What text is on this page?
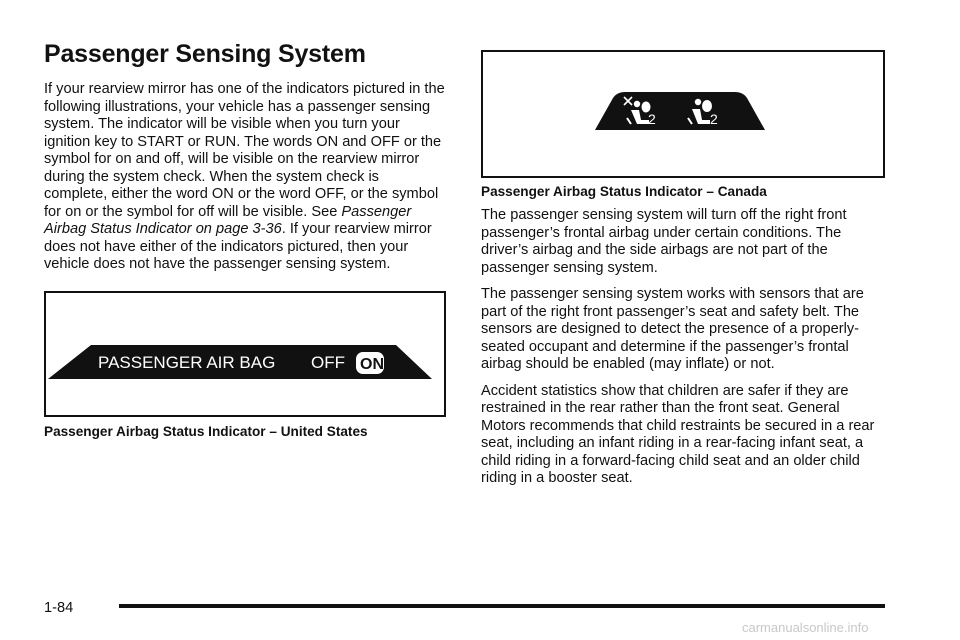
Passenger Sensing System

If your rearview mirror has one of the indicators pictured in the following illustrations, your vehicle has a passenger sensing system. The indicator will be visible when you turn your ignition key to START or RUN. The words ON and OFF or the symbol for on and off, will be visible on the rearview mirror during the system check. When the system check is complete, either the word ON or the word OFF, or the symbol for on or the symbol for off will be visible. See Passenger Airbag Status Indicator on page 3-36. If your rearview mirror does not have either of the indicators pictured, then your vehicle does not have the passenger sensing system.

PASSENGER AIR BAG OFF ON
Passenger Airbag Status Indicator – United States
2	2
Passenger Airbag Status Indicator – Canada

The passenger sensing system will turn off the right front passenger’s frontal airbag under certain conditions. The driver’s airbag and the side airbags are not part of the passenger sensing system.

The passenger sensing system works with sensors that are part of the right front passenger’s seat and safety belt. The sensors are designed to detect the presence of a properly-seated occupant and determine if the passenger’s frontal airbag should be enabled (may inflate) or not.

Accident statistics show that children are safer if they are restrained in the rear rather than the front seat. General Motors recommends that child restraints be secured in a rear seat, including an infant riding in a rear-facing infant seat, a child riding in a forward-facing child seat and an older child riding in a booster seat.

1-84
carmanualsonline.info
